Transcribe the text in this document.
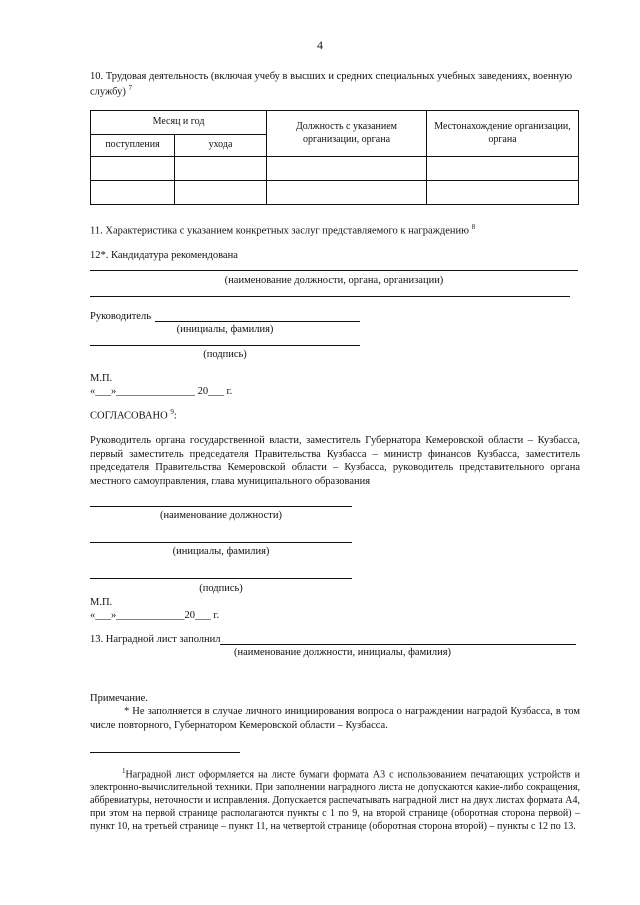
4
10. Трудовая деятельность (включая учебу в высших и средних специальных учебных заведениях, военную службу) $^7$
Месяц и год		Должность с указанием организации, органа	Местонахождение организации, органа
поступления	ухода		

11. Характеристика с указанием конкретных заслуг представляемого к награждению $^8$
12*. Кандидатура рекомендована
(наименование должности, органа, организации)
Руководитель
(инициалы, фамилия)
(подпись)
М.П.
«___»_______________ 20___ г.
СОГЛАСОВАНО $^9$:
Руководитель органа государственной власти, заместитель Губернатора Кемеровской области – Кузбасса, первый заместитель председателя Правительства Кузбасса – министр финансов Кузбасса, заместитель председателя Правительства Кемеровской области – Кузбасса, руководитель представительного органа местного самоуправления, глава муниципального образования
(наименование должности)
(инициалы, фамилия)
(подпись)
М.П.
«___»_____________20___ г.
13. Наградной лист заполнил
(наименование должности, инициалы, фамилия)
Примечание.
* Не заполняется в случае личного инициирования вопроса о награждении наградой Кузбасса, в том числе повторного, Губернатором Кемеровской области – Кузбасса.
$^1$Наградной лист оформляется на листе бумаги формата А3 с использованием печатающих устройств и электронно-вычислительной техники. При заполнении наградного листа не допускаются какие-либо сокращения, аббревиатуры, неточности и исправления. Допускается распечатывать наградной лист на двух листах формата А4, при этом на первой странице располагаются пункты с 1 по 9, на второй странице (оборотная сторона первой) – пункт 10, на третьей странице – пункт 11, на четвертой странице (оборотная сторона второй) – пункты с 12 по 13.
